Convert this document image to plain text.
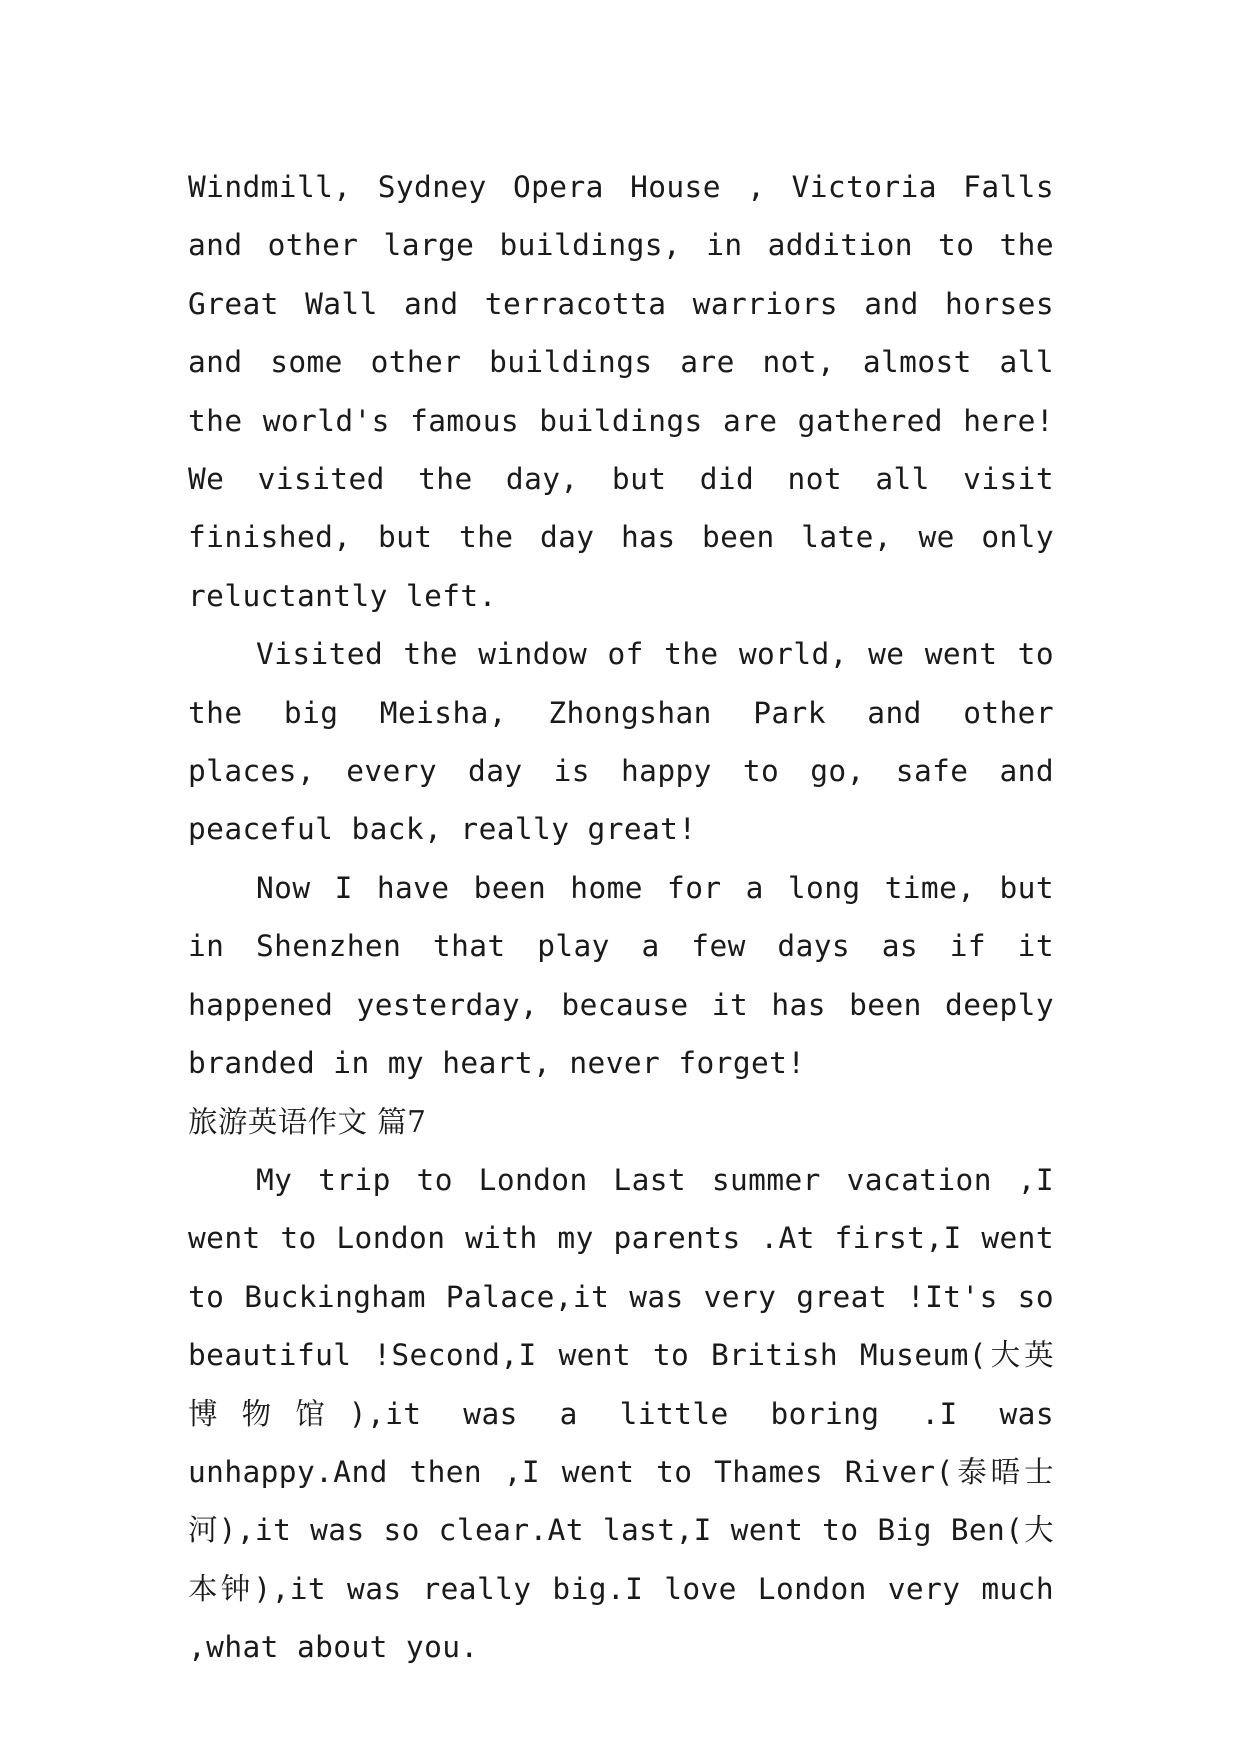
Windmill, Sydney Opera House , Victoria Falls and other large buildings, in addition to the Great Wall and terracotta warriors and horses and some other buildings are not, almost all the world's famous buildings are gathered here! We visited the day, but did not all visit finished, but the day has been late, we only reluctantly left.

Visited the window of the world, we went to the big Meisha, Zhongshan Park and other places, every day is happy to go, safe and peaceful back, really great!

Now I have been home for a long time, but in Shenzhen that play a few days as if it happened yesterday, because it has been deeply branded in my heart, never forget!

旅游英语作文 篇7

My trip to London Last summer vacation ,I went to London with my parents .At first,I went to Buckingham Palace,it was very great !It's so beautiful !Second,I went to British Museum(大英博物馆),it was a little boring .I was unhappy.And then ,I went to Thames River(泰晤士河),it was so clear.At last,I went to Big Ben(大本钟),it was really big.I love London very much ,what about you.
